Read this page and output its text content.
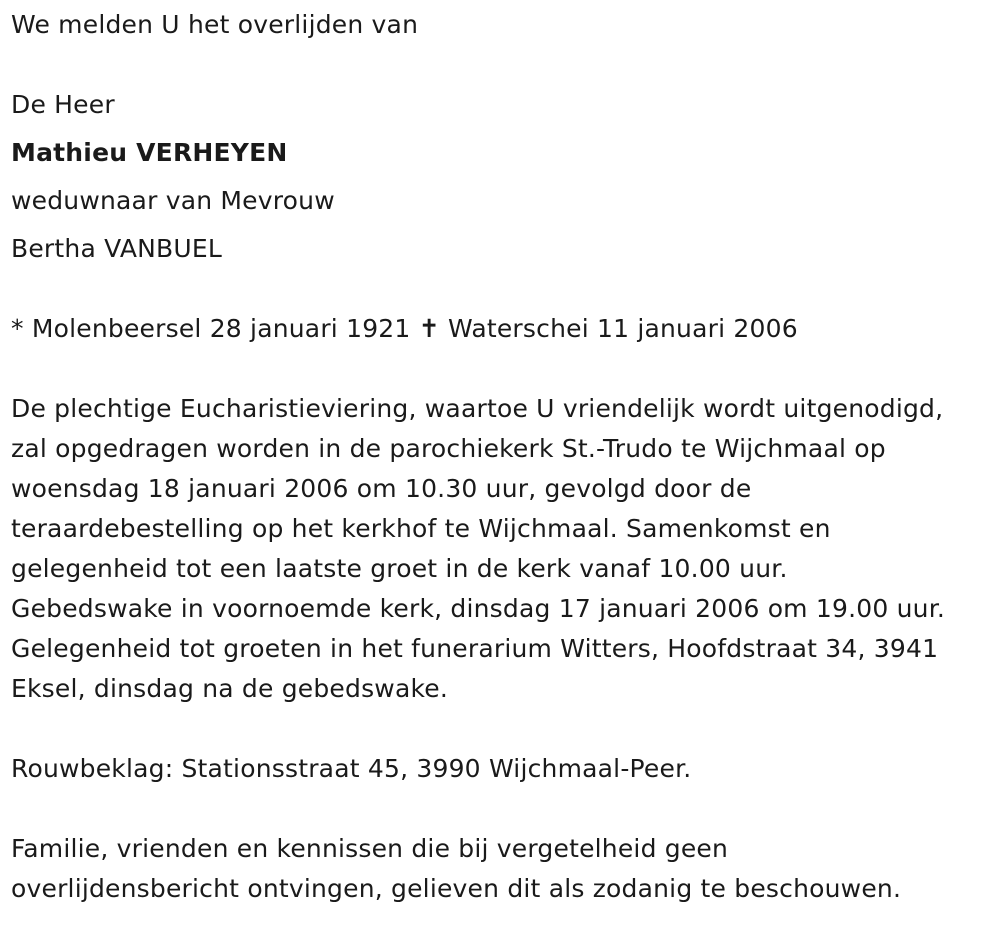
We melden U het overlijden van
De Heer
Mathieu VERHEYEN
weduwnaar van Mevrouw
Bertha VANBUEL
* Molenbeersel 28 januari 1921 ✝ Waterschei 11 januari 2006
De plechtige Eucharistieviering, waartoe U vriendelijk wordt uitgenodigd,
zal opgedragen worden in de parochiekerk St.-Trudo te Wijchmaal op
woensdag 18 januari 2006 om 10.30 uur, gevolgd door de
teraardebestelling op het kerkhof te Wijchmaal. Samenkomst en
gelegenheid tot een laatste groet in de kerk vanaf 10.00 uur.
Gebedswake in voornoemde kerk, dinsdag 17 januari 2006 om 19.00 uur.
Gelegenheid tot groeten in het funerarium Witters, Hoofdstraat 34, 3941
Eksel, dinsdag na de gebedswake.
Rouwbeklag: Stationsstraat 45, 3990 Wijchmaal-Peer.
Familie, vrienden en kennissen die bij vergetelheid geen
overlijdensbericht ontvingen, gelieven dit als zodanig te beschouwen.
